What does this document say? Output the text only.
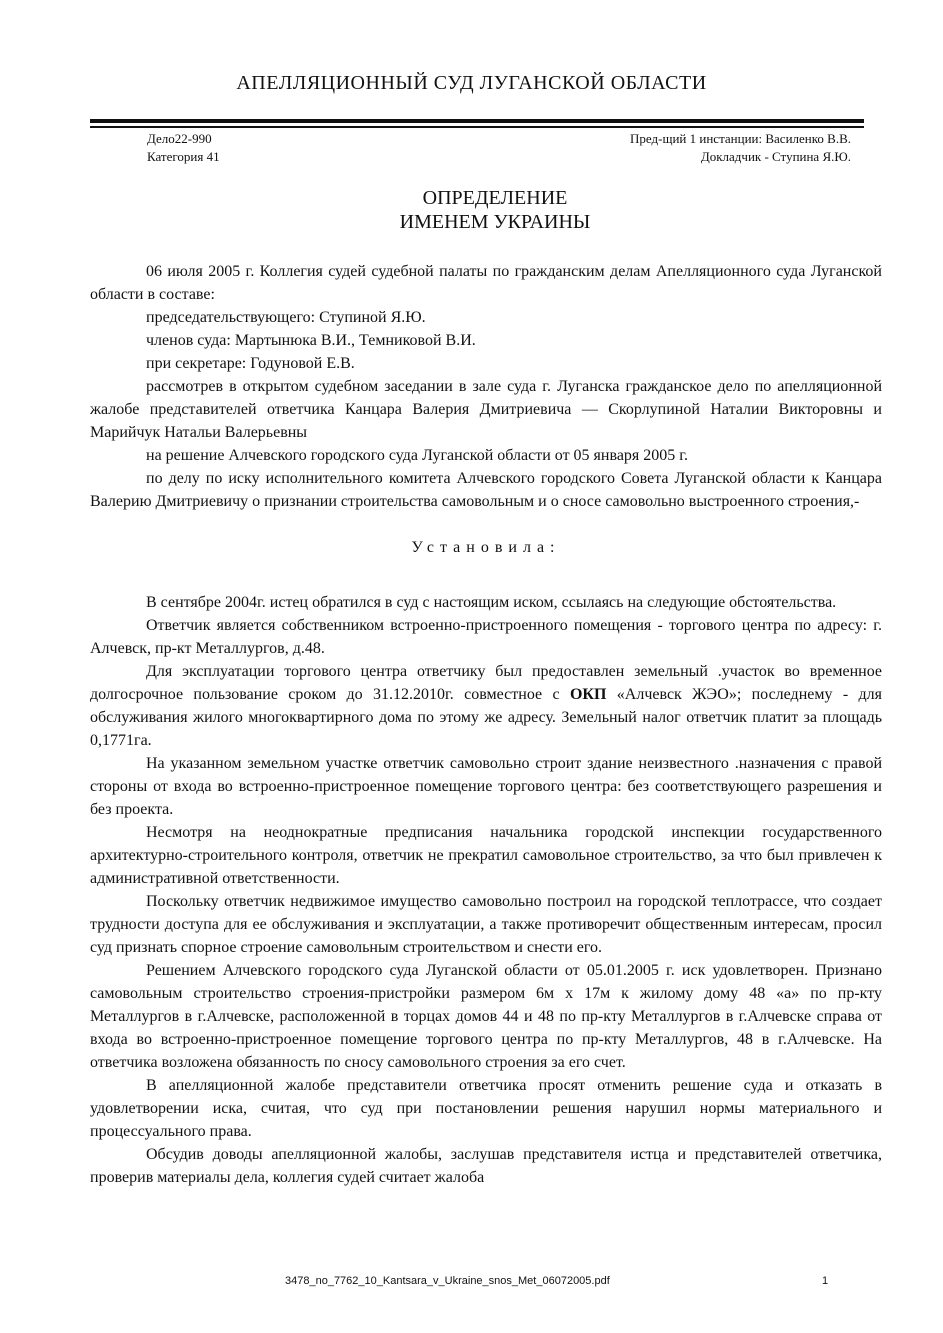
АПЕЛЛЯЦИОННЫЙ СУД ЛУГАНСКОЙ ОБЛАСТИ
Дело22-990
Категория 41
Пред-щий 1 инстанции: Василенко В.В.
Докладчик - Ступина Я.Ю.
ОПРЕДЕЛЕНИЕ
ИМЕНЕМ УКРАИНЫ

06 июля 2005 г. Коллегия судей судебной палаты по гражданским делам Апелляционного суда Луганской области в составе:

председательствующего: Ступиной Я.Ю.

членов суда: Мартынюка В.И., Темниковой В.И.

при секретаре: Годуновой Е.В.

рассмотрев в открытом судебном заседании в зале суда г. Луганска гражданское дело по апелляционной жалобе представителей ответчика Канцара Валерия Дмитриевича — Скорлупиной Наталии Викторовны и Марийчук Натальи Валерьевны

на решение Алчевского городского суда Луганской области от 05 января 2005 г.

по делу по иску исполнительного комитета Алчевского городского Совета Луганской области к Канцара Валерию Дмитриевичу о признании строительства самовольным и о сносе самовольно выстроенного строения,-

Установила:

В сентябре 2004г. истец обратился в суд с настоящим иском, ссылаясь на следующие обстоятельства.

Ответчик является собственником встроенно-пристроенного помещения - торгового центра по адресу: г. Алчевск, пр-кт Металлургов, д.48.

Для эксплуатации торгового центра ответчику был предоставлен земельный .участок во временное долгосрочное пользование сроком до 31.12.2010г. совместное с ОКП «Алчевск ЖЭО»; последнему - для обслуживания жилого многоквартирного дома по этому же адресу. Земельный налог ответчик платит за площадь 0,1771га.

На указанном земельном участке ответчик самовольно строит здание неизвестного .назначения с правой стороны от входа во встроенно-пристроенное помещение торгового центра: без соответствующего разрешения и без проекта.

Несмотря на неоднократные предписания начальника городской инспекции государственного архитектурно-строительного контроля, ответчик не прекратил самовольное строительство, за что был привлечен к административной ответственности.

Поскольку ответчик недвижимое имущество самовольно построил на городской теплотрассе, что создает трудности доступа для ее обслуживания и эксплуатации, а также противоречит общественным интересам, просил суд признать спорное строение самовольным строительством и снести его.

Решением Алчевского городского суда Луганской области от 05.01.2005 г. иск удовлетворен. Признано самовольным строительство строения-пристройки размером 6м х 17м к жилому дому 48 «а» по пр-кту Металлургов в г.Алчевске, расположенной в торцах домов 44 и 48 по пр-кту Металлургов в г.Алчевске справа от входа во встроенно-пристроенное помещение торгового центра по пр-кту Металлургов, 48 в г.Алчевске. На ответчика возложена обязанность по сносу самовольного строения за его счет.

В апелляционной жалобе представители ответчика просят отменить решение суда и отказать в удовлетворении иска, считая, что суд при постановлении решения нарушил нормы материального и процессуального права.

Обсудив доводы апелляционной жалобы, заслушав представителя истца и представителей ответчика, проверив материалы дела, коллегия судей считает жалоба

3478_no_7762_10_Kantsara_v_Ukraine_snos_Met_06072005.pdf	1
